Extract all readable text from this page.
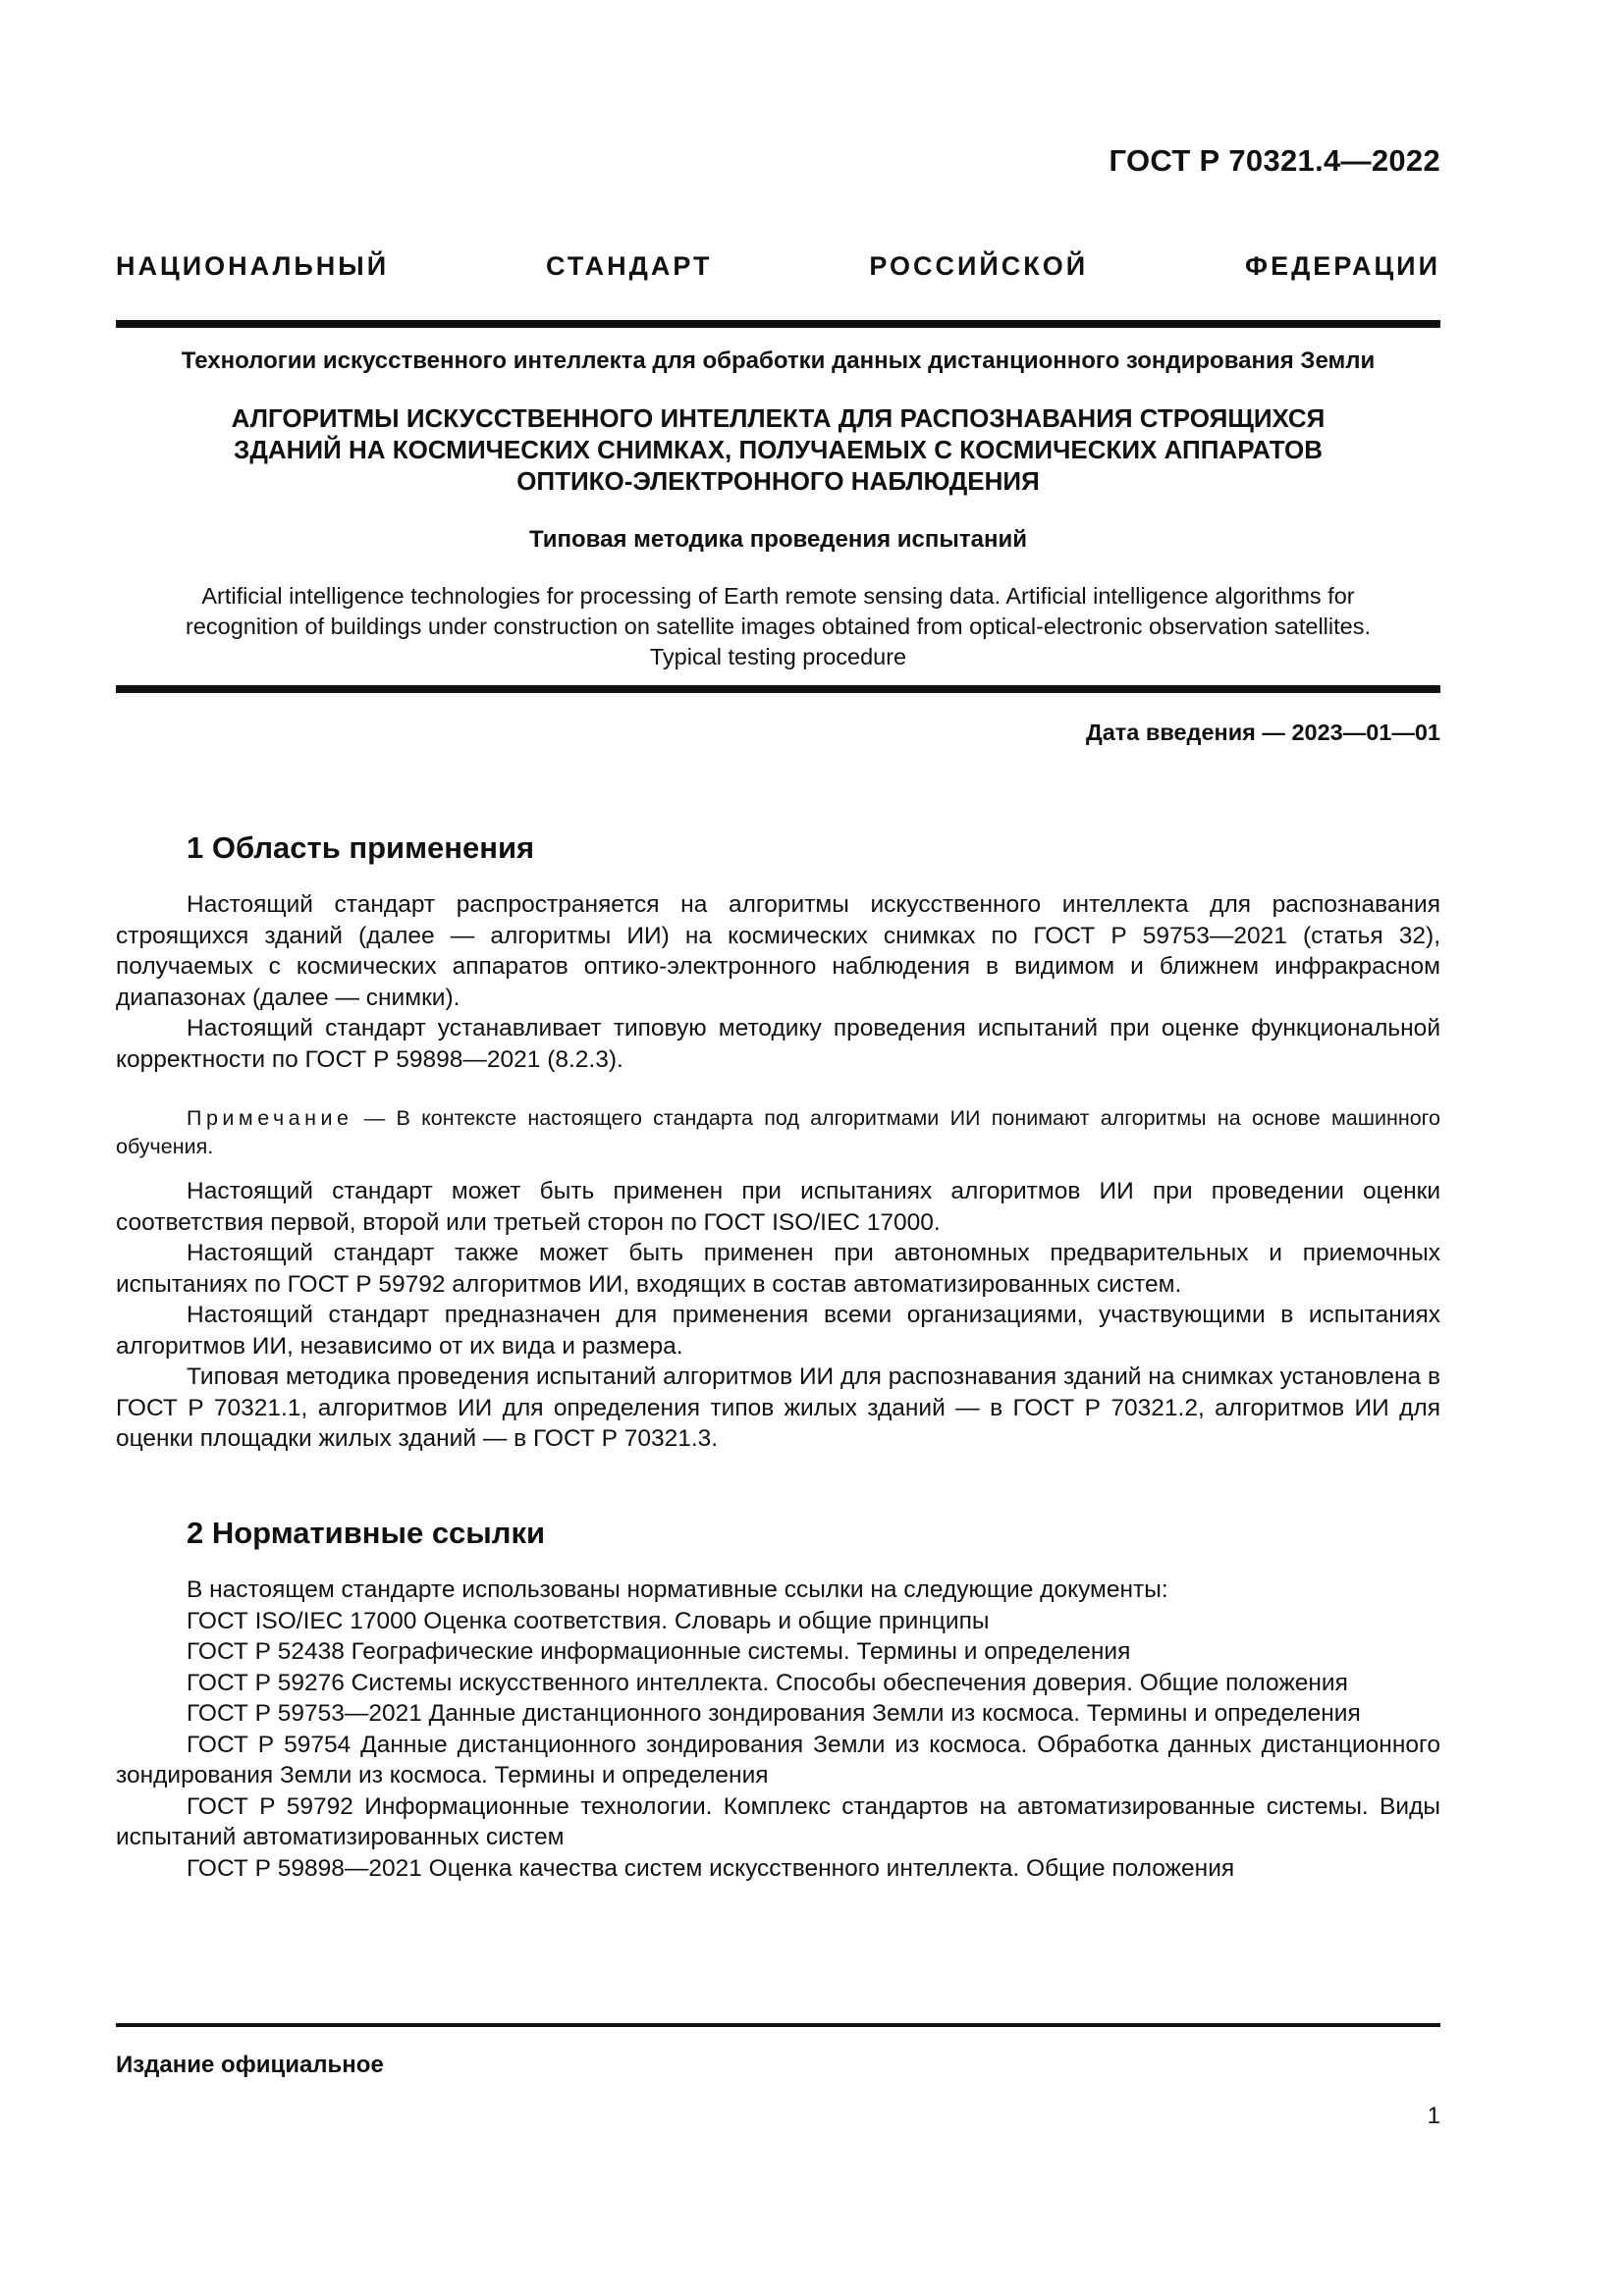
ГОСТ Р 70321.4—2022
НАЦИОНАЛЬНЫЙ СТАНДАРТ РОССИЙСКОЙ ФЕДЕРАЦИИ
Технологии искусственного интеллекта для обработки данных дистанционного зондирования Земли
АЛГОРИТМЫ ИСКУССТВЕННОГО ИНТЕЛЛЕКТА ДЛЯ РАСПОЗНАВАНИЯ СТРОЯЩИХСЯ
ЗДАНИЙ НА КОСМИЧЕСКИХ СНИМКАХ, ПОЛУЧАЕМЫХ С КОСМИЧЕСКИХ АППАРАТОВ
ОПТИКО-ЭЛЕКТРОННОГО НАБЛЮДЕНИЯ
Типовая методика проведения испытаний
Artificial intelligence technologies for processing of Earth remote sensing data. Artificial intelligence algorithms for
recognition of buildings under construction on satellite images obtained from optical-electronic observation satellites.
Typical testing procedure
Дата введения — 2023—01—01
1 Область применения

Настоящий стандарт распространяется на алгоритмы искусственного интеллекта для распознавания строящихся зданий (далее — алгоритмы ИИ) на космических снимках по ГОСТ Р 59753—2021 (статья 32), получаемых с космических аппаратов оптико-электронного наблюдения в видимом и ближнем инфракрасном диапазонах (далее — снимки).

Настоящий стандарт устанавливает типовую методику проведения испытаний при оценке функциональной корректности по ГОСТ Р 59898—2021 (8.2.3).

Примечание — В контексте настоящего стандарта под алгоритмами ИИ понимают алгоритмы на основе машинного обучения.

Настоящий стандарт может быть применен при испытаниях алгоритмов ИИ при проведении оценки соответствия первой, второй или третьей сторон по ГОСТ ISO/IEC 17000.

Настоящий стандарт также может быть применен при автономных предварительных и приемочных испытаниях по ГОСТ Р 59792 алгоритмов ИИ, входящих в состав автоматизированных систем.

Настоящий стандарт предназначен для применения всеми организациями, участвующими в испытаниях алгоритмов ИИ, независимо от их вида и размера.

Типовая методика проведения испытаний алгоритмов ИИ для распознавания зданий на снимках установлена в ГОСТ Р 70321.1, алгоритмов ИИ для определения типов жилых зданий — в ГОСТ Р 70321.2, алгоритмов ИИ для оценки площадки жилых зданий — в ГОСТ Р 70321.3.

2 Нормативные ссылки

В настоящем стандарте использованы нормативные ссылки на следующие документы:

ГОСТ ISO/IEC 17000 Оценка соответствия. Словарь и общие принципы

ГОСТ Р 52438 Географические информационные системы. Термины и определения

ГОСТ Р 59276 Системы искусственного интеллекта. Способы обеспечения доверия. Общие положения

ГОСТ Р 59753—2021 Данные дистанционного зондирования Земли из космоса. Термины и определения

ГОСТ Р 59754 Данные дистанционного зондирования Земли из космоса. Обработка данных дистанционного зондирования Земли из космоса. Термины и определения

ГОСТ Р 59792 Информационные технологии. Комплекс стандартов на автоматизированные системы. Виды испытаний автоматизированных систем

ГОСТ Р 59898—2021 Оценка качества систем искусственного интеллекта. Общие положения

Издание официальное
1
